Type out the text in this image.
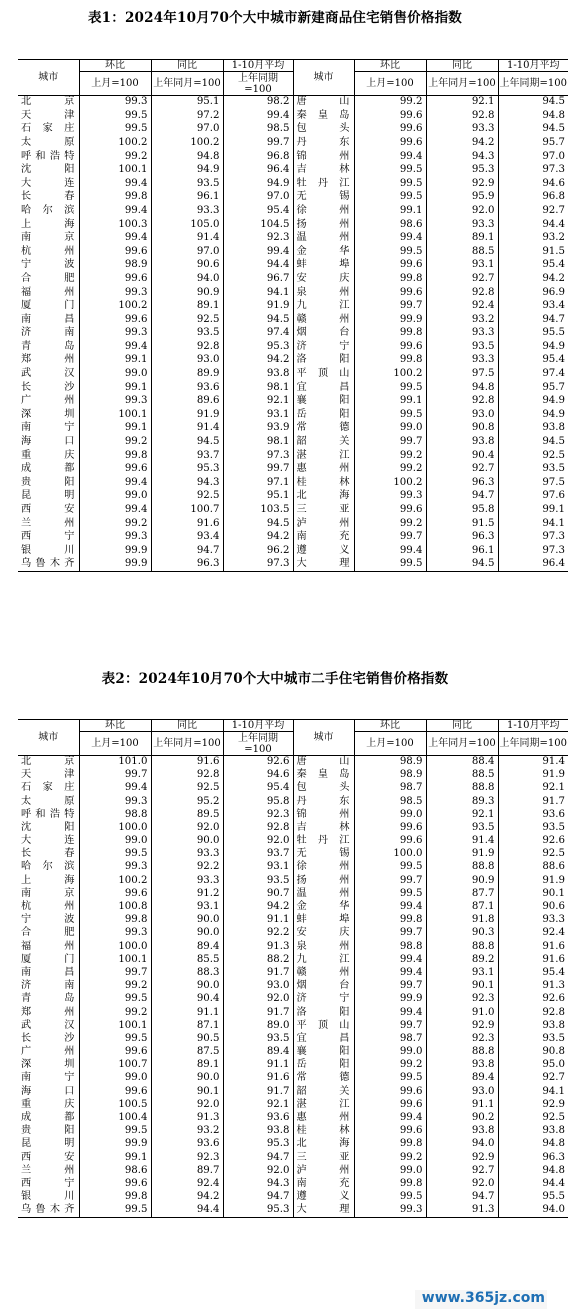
表1：2024年10月70个大中城市新建商品住宅销售价格指数
城市	环比	同比	1-10月平均	城市	环比	同比	1-10月平均
	上月=100	上年同月=100	上年同期=100		上月=100	上年同月=100	上年同期=100
北　　京	99.3	95.1	98.2	唐　　山	99.2	92.1	94.5
天　　津	99.5	97.2	99.4	秦 皇 岛	99.6	92.8	94.8
石 家 庄	99.5	97.0	98.5	包　　头	99.6	93.3	94.5
太　　原	100.2	100.2	99.7	丹　　东	99.6	94.2	95.7
呼和浩特	99.2	94.8	96.8	锦　　州	99.4	94.3	97.0
沈　　阳	100.1	94.9	96.4	吉　　林	99.5	95.3	97.3
大　　连	99.4	93.5	94.9	牡 丹 江	99.5	92.9	94.6
长　　春	99.8	96.1	97.0	无　　锡	99.5	95.9	96.8
哈 尔 滨	99.4	93.3	95.4	徐　　州	99.1	92.0	92.7
上　　海	100.3	105.0	104.5	扬　　州	98.6	93.3	94.4
南　　京	99.4	91.4	92.3	温　　州	99.4	89.1	93.2
杭　　州	99.6	97.0	99.4	金　　华	99.5	88.5	91.5
宁　　波	98.9	90.6	94.4	蚌　　埠	99.6	93.1	95.4
合　　肥	99.6	94.0	96.7	安　　庆	99.8	92.7	94.2
福　　州	99.3	90.9	94.1	泉　　州	99.6	92.8	96.9
厦　　门	100.2	89.1	91.9	九　　江	99.7	92.4	93.4
南　　昌	99.6	92.5	94.5	赣　　州	99.9	93.2	94.7
济　　南	99.3	93.5	97.4	烟　　台	99.8	93.3	95.5
青　　岛	99.4	92.8	95.3	济　　宁	99.6	93.5	94.9
郑　　州	99.1	93.0	94.2	洛　　阳	99.8	93.3	95.4
武　　汉	99.0	89.9	93.8	平 顶 山	100.2	97.5	97.4
长　　沙	99.1	93.6	98.1	宜　　昌	99.5	94.8	95.7
广　　州	99.3	89.6	92.1	襄　　阳	99.1	92.8	94.9
深　　圳	100.1	91.9	93.1	岳　　阳	99.5	93.0	94.9
南　　宁	99.1	91.4	93.9	常　　德	99.0	90.8	93.8
海　　口	99.2	94.5	98.1	韶　　关	99.7	93.8	94.5
重　　庆	99.8	93.7	97.3	湛　　江	99.2	90.4	92.5
成　　都	99.6	95.3	99.7	惠　　州	99.2	92.7	93.5
贵　　阳	99.4	94.3	97.1	桂　　林	100.2	96.3	97.5
昆　　明	99.0	92.5	95.1	北　　海	99.3	94.7	97.6
西　　安	99.4	100.7	103.5	三　　亚	99.6	95.8	99.1
兰　　州	99.2	91.6	94.5	泸　　州	99.2	91.5	94.1
西　　宁	99.3	93.4	94.2	南　　充	99.7	96.3	97.3
银　　川	99.9	94.7	96.2	遵　　义	99.4	96.1	97.3
乌鲁木齐	99.9	96.3	97.3	大　　理	99.5	94.5	96.4
表2：2024年10月70个大中城市二手住宅销售价格指数
城市	环比	同比	1-10月平均	城市	环比	同比	1-10月平均
	上月=100	上年同月=100	上年同期=100		上月=100	上年同月=100	上年同期=100
北　　京	101.0	91.6	92.6	唐　　山	98.9	88.4	91.4
天　　津	99.7	92.8	94.6	秦 皇 岛	98.9	88.5	91.9
石 家 庄	99.4	92.5	95.4	包　　头	98.7	88.8	92.1
太　　原	99.3	95.2	95.8	丹　　东	98.5	89.3	91.7
呼和浩特	98.8	89.5	92.3	锦　　州	99.0	92.1	93.6
沈　　阳	100.0	92.0	92.8	吉　　林	99.6	93.5	93.5
大　　连	99.0	90.0	92.0	牡 丹 江	99.6	91.4	92.6
长　　春	99.5	93.3	93.7	无　　锡	100.0	91.9	92.5
哈 尔 滨	99.3	92.2	93.1	徐　　州	99.5	88.8	88.6
上　　海	100.2	93.3	93.5	扬　　州	99.7	90.9	91.9
南　　京	99.6	91.2	90.7	温　　州	99.5	87.7	90.1
杭　　州	100.8	93.1	94.2	金　　华	99.4	87.1	90.6
宁　　波	99.8	90.0	91.1	蚌　　埠	99.8	91.8	93.3
合　　肥	99.3	90.0	92.2	安　　庆	99.7	90.3	92.4
福　　州	100.0	89.4	91.3	泉　　州	98.8	88.8	91.6
厦　　门	100.1	85.5	88.2	九　　江	99.4	89.2	91.6
南　　昌	99.7	88.3	91.7	赣　　州	99.4	93.1	95.4
济　　南	99.2	90.0	93.0	烟　　台	99.7	90.1	91.3
青　　岛	99.5	90.4	92.0	济　　宁	99.9	92.3	92.6
郑　　州	99.2	91.1	91.7	洛　　阳	99.4	91.0	92.8
武　　汉	100.1	87.1	89.0	平 顶 山	99.7	92.9	93.8
长　　沙	99.5	90.5	93.5	宜　　昌	98.7	92.3	93.5
广　　州	99.6	87.5	89.4	襄　　阳	99.0	88.8	90.8
深　　圳	100.7	89.1	91.1	岳　　阳	99.2	93.8	95.0
南　　宁	99.0	90.0	91.6	常　　德	99.5	89.4	92.7
海　　口	99.6	90.1	91.7	韶　　关	99.6	93.0	94.1
重　　庆	100.5	92.0	92.1	湛　　江	99.6	91.1	92.9
成　　都	100.4	91.3	93.6	惠　　州	99.4	90.2	92.5
贵　　阳	99.5	93.2	93.8	桂　　林	99.6	93.8	93.8
昆　　明	99.9	93.6	95.3	北　　海	99.8	94.0	94.8
西　　安	99.1	92.3	94.7	三　　亚	99.2	92.9	96.3
兰　　州	98.6	89.7	92.0	泸　　州	99.0	92.7	94.8
西　　宁	99.6	92.4	94.3	南　　充	99.8	92.0	94.4
银　　川	99.8	94.2	94.7	遵　　义	99.5	94.7	95.5
乌鲁木齐	99.5	94.4	95.3	大　　理	99.3	91.3	94.0
www.365jz.com
